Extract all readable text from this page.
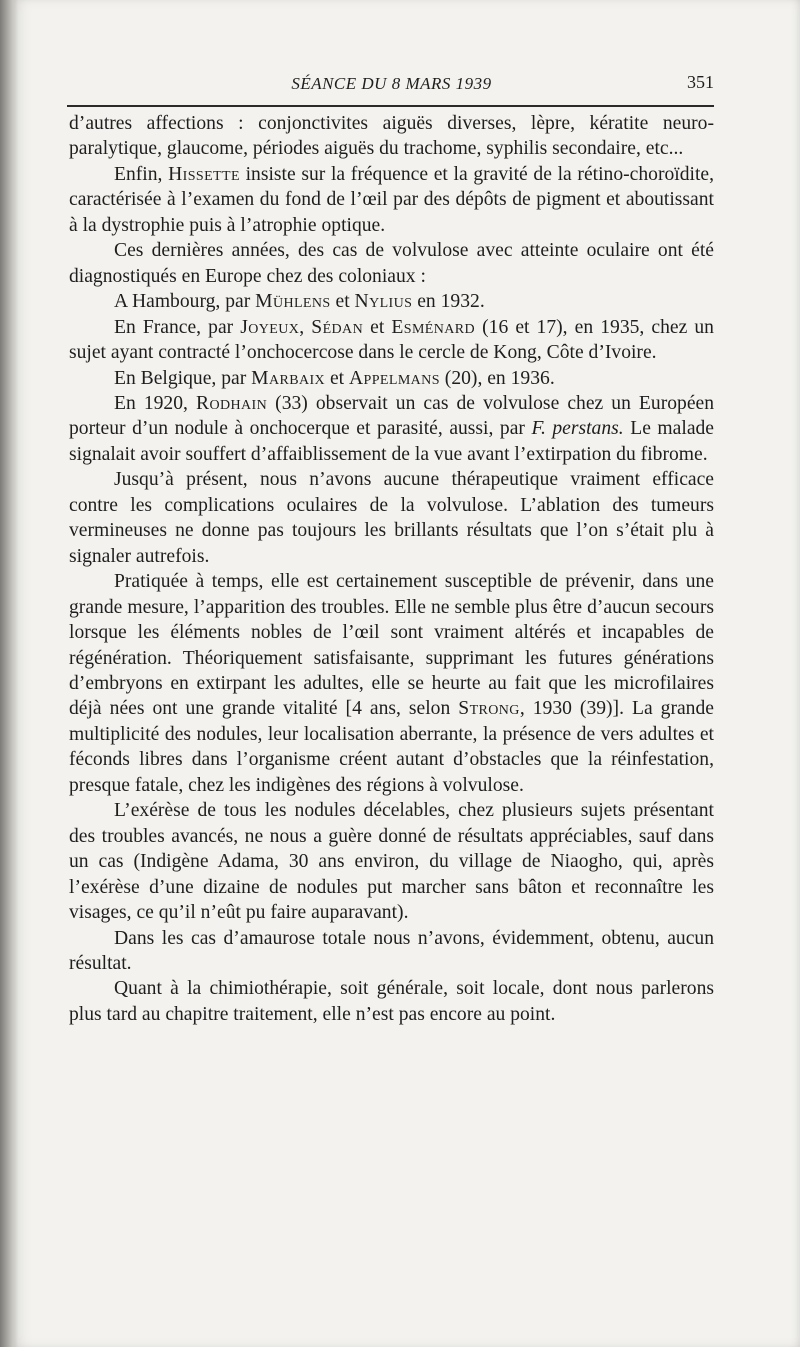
SÉANCE DU 8 MARS 1939	351

d’autres affections : conjonctivites aiguës diverses, lèpre, kératite neuro-paralytique, glaucome, périodes aiguës du trachome, syphilis secondaire, etc...

Enfin, Hissette insiste sur la fréquence et la gravité de la rétino-choroïdite, caractérisée à l’examen du fond de l’œil par des dépôts de pigment et aboutissant à la dystrophie puis à l’atrophie optique.

Ces dernières années, des cas de volvulose avec atteinte oculaire ont été diagnostiqués en Europe chez des coloniaux :

A Hambourg, par Mühlens et Nylius en 1932.

En France, par Joyeux, Sédan et Esménard (16 et 17), en 1935, chez un sujet ayant contracté l’onchocercose dans le cercle de Kong, Côte d’Ivoire.

En Belgique, par Marbaix et Appelmans (20), en 1936.

En 1920, Rodhain (33) observait un cas de volvulose chez un Européen porteur d’un nodule à onchocerque et parasité, aussi, par F. perstans. Le malade signalait avoir souffert d’affaiblissement de la vue avant l’extirpation du fibrome.

Jusqu’à présent, nous n’avons aucune thérapeutique vraiment efficace contre les complications oculaires de la volvulose. L’ablation des tumeurs vermineuses ne donne pas toujours les brillants résultats que l’on s’était plu à signaler autrefois.

Pratiquée à temps, elle est certainement susceptible de prévenir, dans une grande mesure, l’apparition des troubles. Elle ne semble plus être d’aucun secours lorsque les éléments nobles de l’œil sont vraiment altérés et incapables de régénération. Théoriquement satisfaisante, supprimant les futures générations d’embryons en extirpant les adultes, elle se heurte au fait que les microfilaires déjà nées ont une grande vitalité [4 ans, selon Strong, 1930 (39)]. La grande multiplicité des nodules, leur localisation aberrante, la présence de vers adultes et féconds libres dans l’organisme créent autant d’obstacles que la réinfestation, presque fatale, chez les indigènes des régions à volvulose.

L’exérèse de tous les nodules décelables, chez plusieurs sujets présentant des troubles avancés, ne nous a guère donné de résultats appréciables, sauf dans un cas (Indigène Adama, 30 ans environ, du village de Niaogho, qui, après l’exérèse d’une dizaine de nodules put marcher sans bâton et reconnaître les visages, ce qu’il n’eût pu faire auparavant).

Dans les cas d’amaurose totale nous n’avons, évidemment, obtenu, aucun résultat.

Quant à la chimiothérapie, soit générale, soit locale, dont nous parlerons plus tard au chapitre traitement, elle n’est pas encore au point.
